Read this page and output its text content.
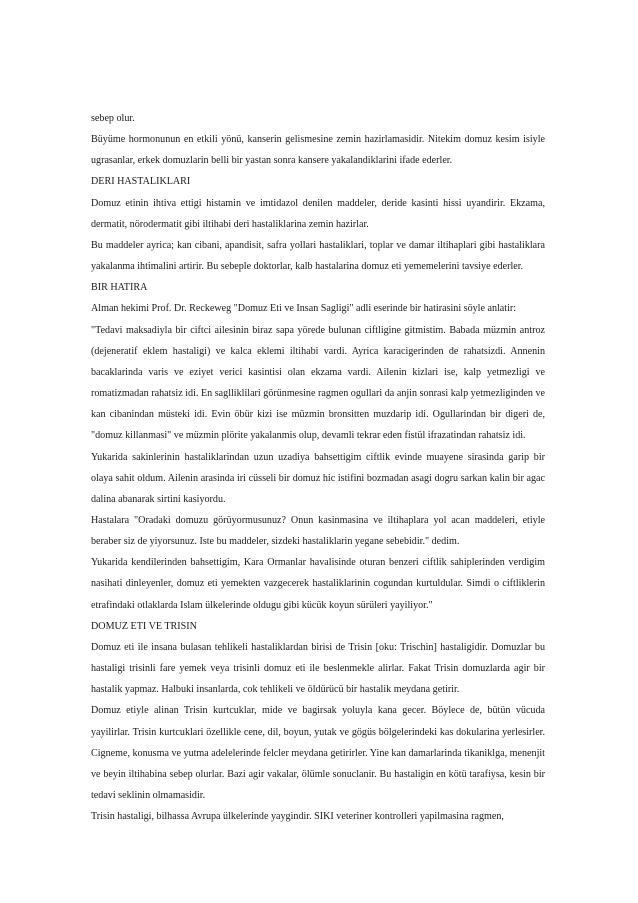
sebep olur.

Büyüme hormonunun en etkili yönü, kanserin gelismesine zemin hazirlamasidir. Nitekim domuz kesim isiyle ugrasanlar, erkek domuzlarin belli bir yastan sonra kansere yakalandiklarini ifade ederler.

DERI HASTALIKLARI

Domuz etinin ihtiva ettigi histamin ve imtidazol denilen maddeler, deride kasinti hissi uyandirir. Ekzama, dermatit, nörodermatit gibi iltihabi deri hastaliklarina zemin hazirlar.

Bu maddeler ayrica; kan cibani, apandisit, safra yollari hastaliklari, toplar ve damar iltihaplari gibi hastaliklara yakalanma ihtimalini artirir. Bu sebeple doktorlar, kalb hastalarina domuz eti yememelerini tavsiye ederler.

BIR HATIRA

Alman hekimi Prof. Dr. Reckeweg "Domuz Eti ve Insan Sagligi" adli eserinde bir hatirasini söyle anlatir:

"Tedavi maksadiyla bir ciftci ailesinin biraz sapa yörede bulunan ciftligine gitmistim. Babada müzmin antroz (dejeneratif eklem hastaligi) ve kalca eklemi iltihabi vardi. Ayrica karacigerinden de rahatsizdi. Annenin bacaklarinda varis ve eziyet verici kasintisi olan ekzama vardi. Ailenin kizlari ise, kalp yetmezligi ve romatizmadan rahatsiz idi. En saglliklilari görünmesine ragmen ogullari da anjin sonrasi kalp yetmezliginden ve kan cibanindan müsteki idi. Evin öbür kizi ise müzmin bronsitten muzdarip idi. Ogullarindan bir digeri de, "domuz killanmasi" ve müzmin plörite yakalanmis olup, devamli tekrar eden fistül ifrazatindan rahatsiz idi.

Yukarida sakinlerinin hastaliklarindan uzun uzadiya bahsettigim ciftlik evinde muayene sirasinda garip bir olaya sahit oldum. Ailenin arasinda iri cüsseli bir domuz hic istifini bozmadan asagi dogru sarkan kalin bir agac dalina abanarak sirtini kasiyordu.

Hastalara "Oradaki domuzu görüyormusunuz? Onun kasinmasina ve iltihaplara yol acan maddeleri, etiyle beraber siz de yiyorsunuz. Iste bu maddeler, sizdeki hastaliklarin yegane sebebidir." dedim.

Yukarida kendilerinden bahsettigim, Kara Ormanlar havalisinde oturan benzeri ciftlik sahiplerinden verdigim nasihati dinleyenler, domuz eti yemekten vazgecerek hastaliklarinin cogundan kurtuldular. Simdi o ciftliklerin etrafindaki otlaklarda Islam ülkelerinde oldugu gibi kücük koyun sürüleri yayiliyor."

DOMUZ ETI VE TRISIN

Domuz eti ile insana bulasan tehlikeli hastaliklardan birisi de Trisin [oku: Trischin] hastaligidir. Domuzlar bu hastaligi trisinli fare yemek veya trisinli domuz eti ile beslenmekle alirlar. Fakat Trisin domuzlarda agir bir hastalik yapmaz. Halbuki insanlarda, cok tehlikeli ve öldürücü bir hastalik meydana getirir.

Domuz etiyle alinan Trisin kurtcuklar, mide ve bagirsak yoluyla kana gecer. Böylece de, bütün vücuda yayilirlar. Trisin kurtcuklari özellikle cene, dil, boyun, yutak ve gögüs bölgelerindeki kas dokularina yerlesirler. Cigneme, konusma ve yutma adelelerinde felcler meydana getirirler. Yine kan damarlarinda tikaniklga, menenjit ve beyin iltihabina sebep olurlar. Bazi agir vakalar, ölümle sonuclanir. Bu hastaligin en kötü tarafiysa, kesin bir tedavi seklinin olmamasidir.

Trisin hastaligi, bilhassa Avrupa ülkelerinde yaygindir. SIKI veteriner kontrolleri yapilmasina ragmen,
